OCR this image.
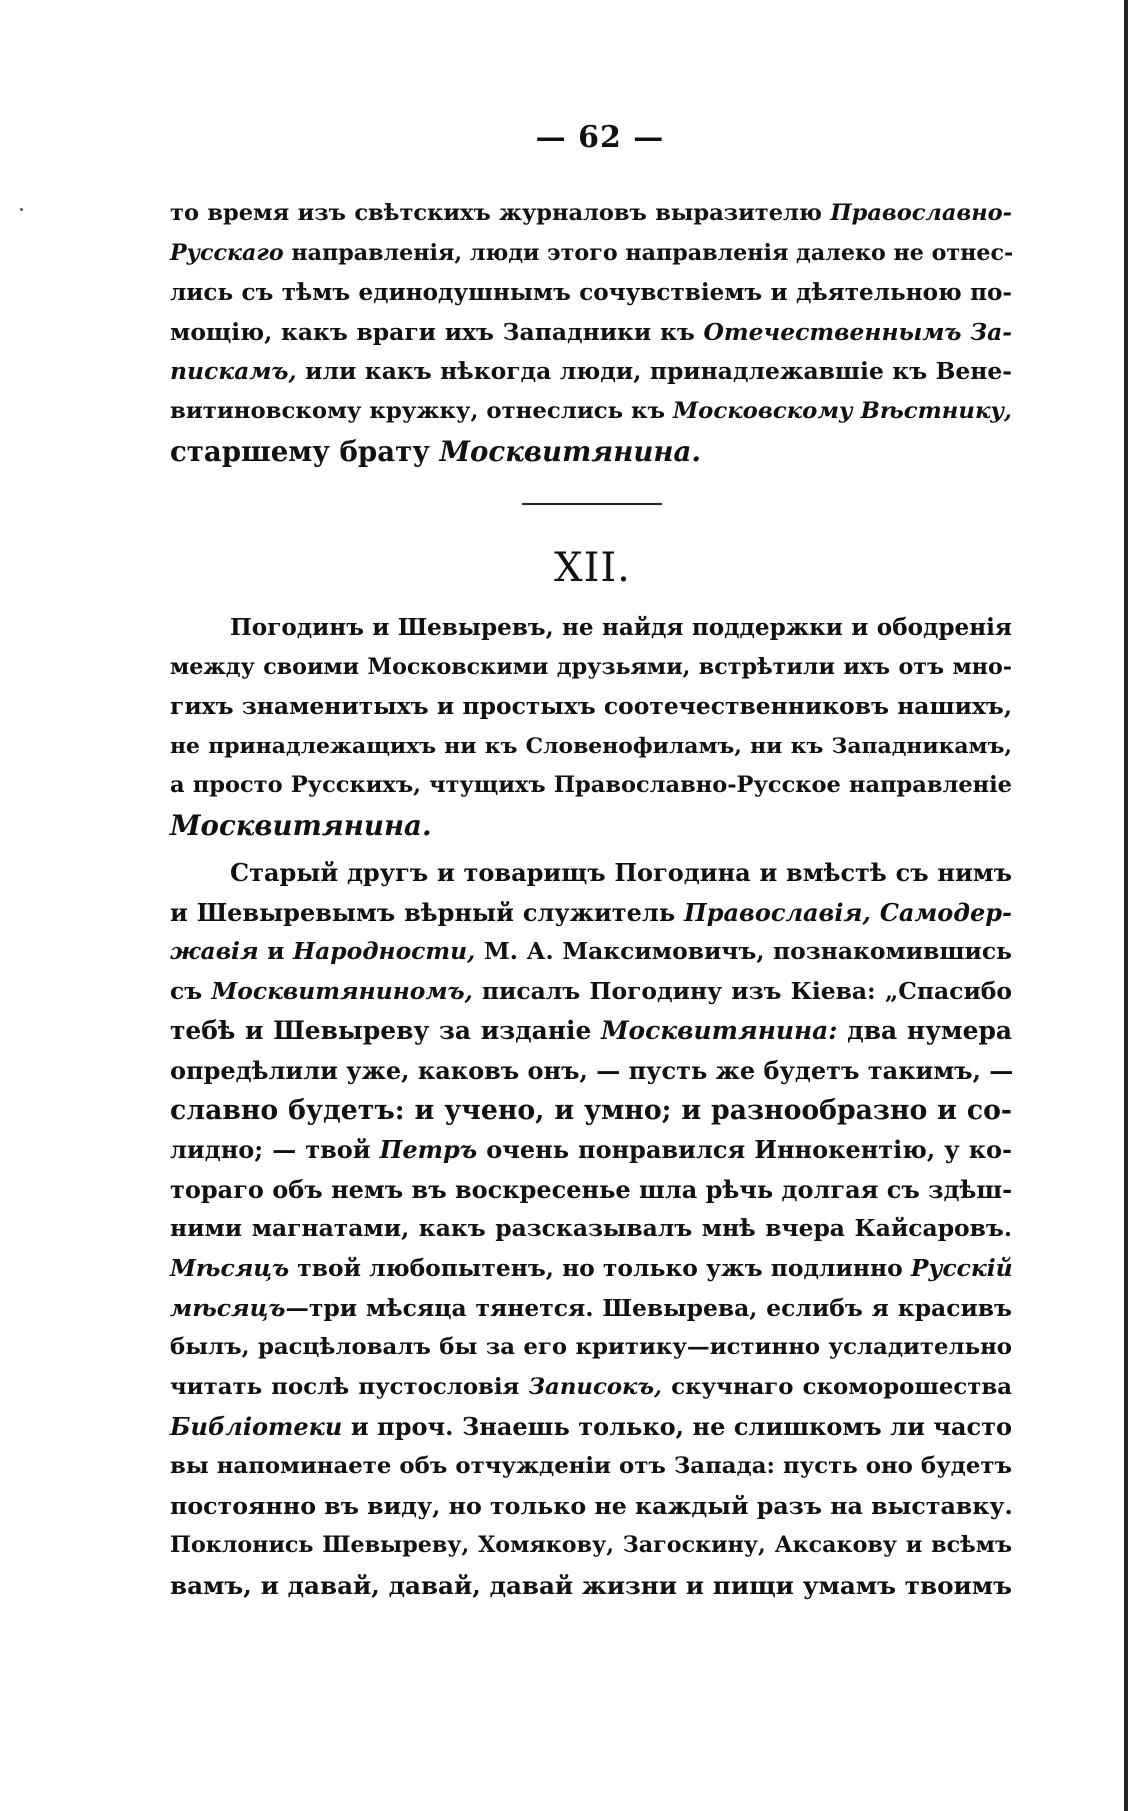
— 62 —
то время изъ свѣтскихъ журналовъ выразителю Православно-
Русскаго направленія, люди этого направленія далеко не отнес-
лись съ тѣмъ единодушнымъ сочувствіемъ и дѣятельною по-
мощію, какъ враги ихъ Западники къ Отечественнымъ За-
пискамъ, или какъ нѣкогда люди, принадлежавшіе къ Вене-
витиновскому кружку, отнеслись къ Московскому Вѣстнику,
старшему брату Москвитянина.
XII.
Погодинъ и Шевыревъ, не найдя поддержки и ободренія
между своими Московскими друзьями, встрѣтили ихъ отъ мно-
гихъ знаменитыхъ и простыхъ соотечественниковъ нашихъ,
не принадлежащихъ ни къ Словенофиламъ, ни къ Западникамъ,
а просто Русскихъ, чтущихъ Православно-Русское направленіе
Москвитянина.
Старый другъ и товарищъ Погодина и вмѣстѣ съ нимъ
и Шевыревымъ вѣрный служитель Православія, Самодер-
жавія и Народности, М. А. Максимовичъ, познакомившись
съ Москвитяниномъ, писалъ Погодину изъ Кіева: „Спасибо
тебѣ и Шевыреву за изданіе Москвитянина: два нумера
опредѣлили уже, каковъ онъ, — пусть же будетъ такимъ, —
славно будетъ: и учено, и умно; и разнообразно и со-
лидно; — твой Петръ очень понравился Иннокентію, у ко-
тораго объ немъ въ воскресенье шла рѣчь долгая съ здѣш-
ними магнатами, какъ разсказывалъ мнѣ вчера Кайсаровъ.
Мѣсяцъ твой любопытенъ, но только ужъ подлинно Русскій
мѣсяцъ—три мѣсяца тянется. Шевырева, еслибъ я красивъ
былъ, расцѣловалъ бы за его критику—истинно усладительно
читать послѣ пустословія Записокъ, скучнаго скоморошества
Библіотеки и проч. Знаешь только, не слишкомъ ли часто
вы напоминаете объ отчужденіи отъ Запада: пусть оно будетъ
постоянно въ виду, но только не каждый разъ на выставку.
Поклонись Шевыреву, Хомякову, Загоскину, Аксакову и всѣмъ
вамъ, и давай, давай, давай жизни и пищи умамъ твоимъ
